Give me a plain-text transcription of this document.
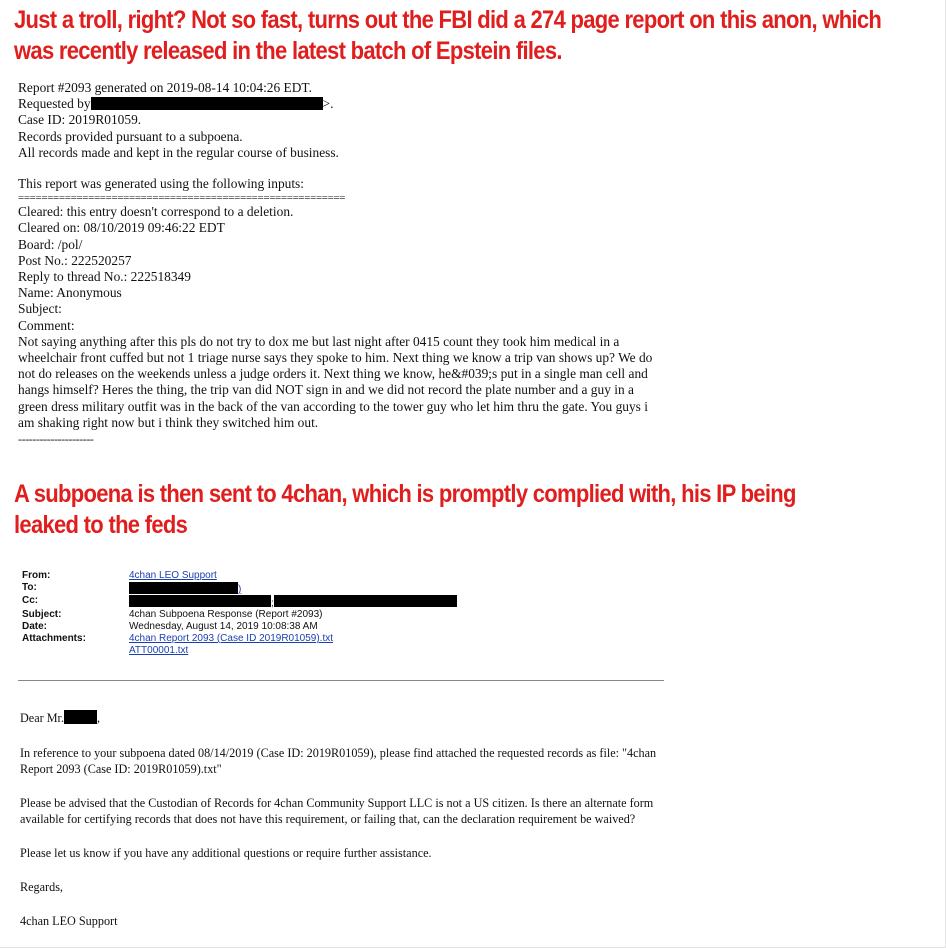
Just a troll, right? Not so fast, turns out the FBI did a 274 page report on this anon, which
was recently released in the latest batch of Epstein files.
Report #2093 generated on 2019-08-14 10:04:26 EDT.
Requested by	>.
Case ID: 2019R01059.
Records provided pursuant to a subpoena.
All records made and kept in the regular course of business.
This report was generated using the following inputs:
========================================================
Cleared: this entry doesn't correspond to a deletion.
Cleared on: 08/10/2019 09:46:22 EDT
Board: /pol/
Post No.: 222520257
Reply to thread No.: 222518349
Name: Anonymous
Subject:
Comment:
Not saying anything after this pls do not try to dox me but last night after 0415 count they took him medical in a
wheelchair front cuffed but not 1 triage nurse says they spoke to him. Next thing we know a trip van shows up? We do
not do releases on the weekends unless a judge orders it. Next thing we know, he&#039;s put in a single man cell and
hangs himself? Heres the thing, the trip van did NOT sign in and we did not record the plate number and a guy in a
green dress military outfit was in the back of the van according to the tower guy who let him thru the gate. You guys i
am shaking right now but i think they switched him out.
---------------------
A subpoena is then sent to 4chan, which is promptly complied with, his IP being
leaked to the feds
From:	4chan LEO Support
To:	)
Cc:	;
Subject:	4chan Subpoena Response (Report #2093)
Date:	Wednesday, August 14, 2019 10:08:38 AM
Attachments:	4chan Report 2093 (Case ID 2019R01059).txt
ATT00001.txt

Dear Mr.	,

In reference to your subpoena dated 08/14/2019 (Case ID: 2019R01059), please find attached the requested records as file: "4chan Report 2093 (Case ID: 2019R01059).txt"

Please be advised that the Custodian of Records for 4chan Community Support LLC is not a US citizen. Is there an alternate form available for certifying records that does not have this requirement, or failing that, can the declaration requirement be waived?

Please let us know if you have any additional questions or require further assistance.

Regards,

4chan LEO Support
